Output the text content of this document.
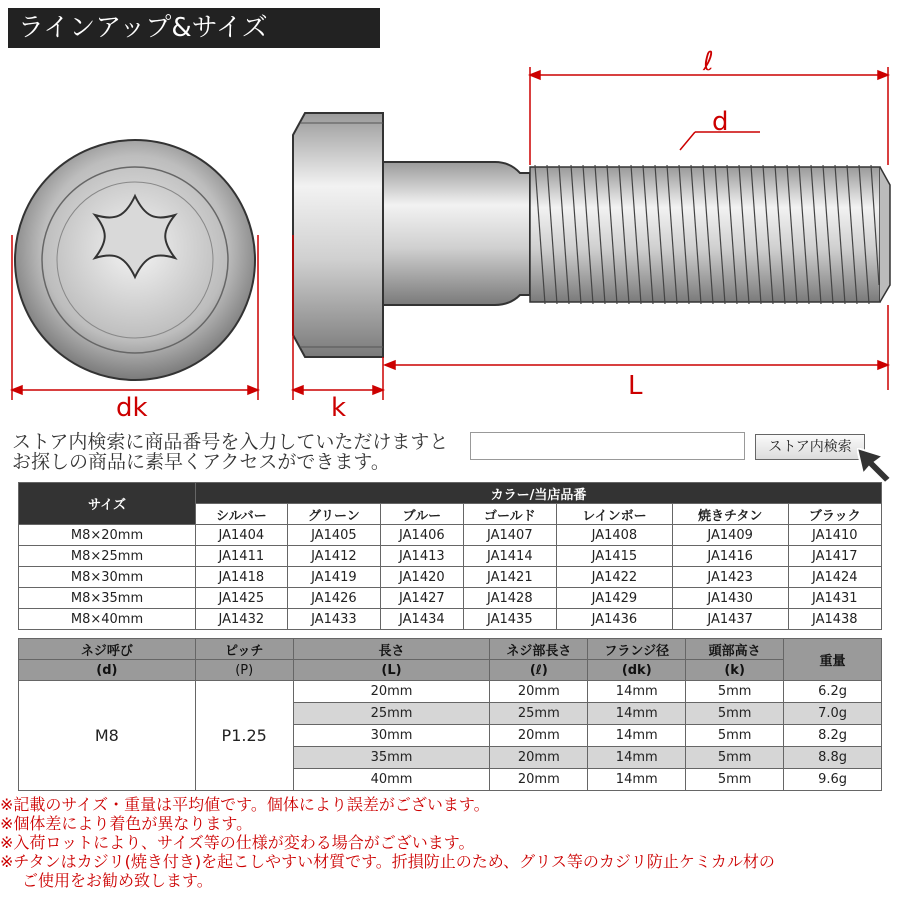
ラインアップ&サイズ
ℓ
d
dk	k
L
ストア内検索に商品番号を入力していただけますと
お探しの商品に素早くアクセスができます。
ストア内検索
サイズ	カラー/当店品番						
	シルバー	グリーン	ブルー	ゴールド	レインボー	焼きチタン	ブラック
M8×20mm	JA1404	JA1405	JA1406	JA1407	JA1408	JA1409	JA1410
M8×25mm	JA1411	JA1412	JA1413	JA1414	JA1415	JA1416	JA1417
M8×30mm	JA1418	JA1419	JA1420	JA1421	JA1422	JA1423	JA1424
M8×35mm	JA1425	JA1426	JA1427	JA1428	JA1429	JA1430	JA1431
M8×40mm	JA1432	JA1433	JA1434	JA1435	JA1436	JA1437	JA1438
ネジ呼び	ピッチ	長さ	ネジ部長さ	フランジ径	頭部高さ	重量
(d)	(P)	(L)	(ℓ)	(dk)	(k)	
M8	P1.25	20mm	20mm	14mm	5mm	6.2g
		25mm	25mm	14mm	5mm	7.0g
		30mm	20mm	14mm	5mm	8.2g
		35mm	20mm	14mm	5mm	8.8g
		40mm	20mm	14mm	5mm	9.6g
※記載のサイズ・重量は平均値です。個体により誤差がございます。
※個体差により着色が異なります。
※入荷ロットにより、サイズ等の仕様が変わる場合がございます。
※チタンはカジリ(焼き付き)を起こしやすい材質です。折損防止のため、グリス等のカジリ防止ケミカル材の
ご使用をお勧め致します。
